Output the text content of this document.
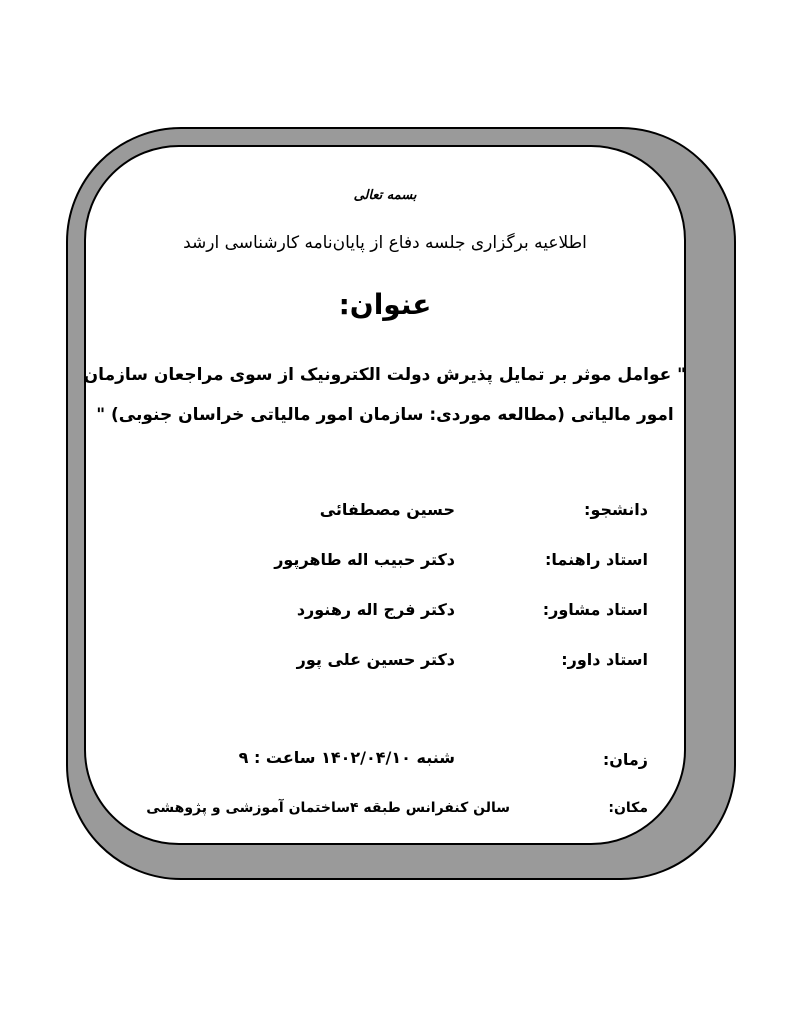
بسمه تعالی
اطلاعیه برگزاری جلسه دفاع از پایان‌نامه کارشناسی ارشد
عنوان:
" عوامل موثر بر تمایل پذیرش دولت الکترونیک از سوی مراجعان سازمان
امور مالیاتی (مطالعه موردی: سازمان امور مالیاتی خراسان جنوبی) "
دانشجو:
حسین مصطفائی
استاد راهنما:
دکتر حبیب اله طاهرپور
استاد مشاور:
دکتر فرج اله رهنورد
استاد داور:
دکتر حسین علی پور
زمان:
شنبه ۱۴۰۲/۰۴/۱۰ ساعت : ۹
مکان:
سالن کنفرانس طبقه ۴ساختمان آموزشی و پژوهشی
